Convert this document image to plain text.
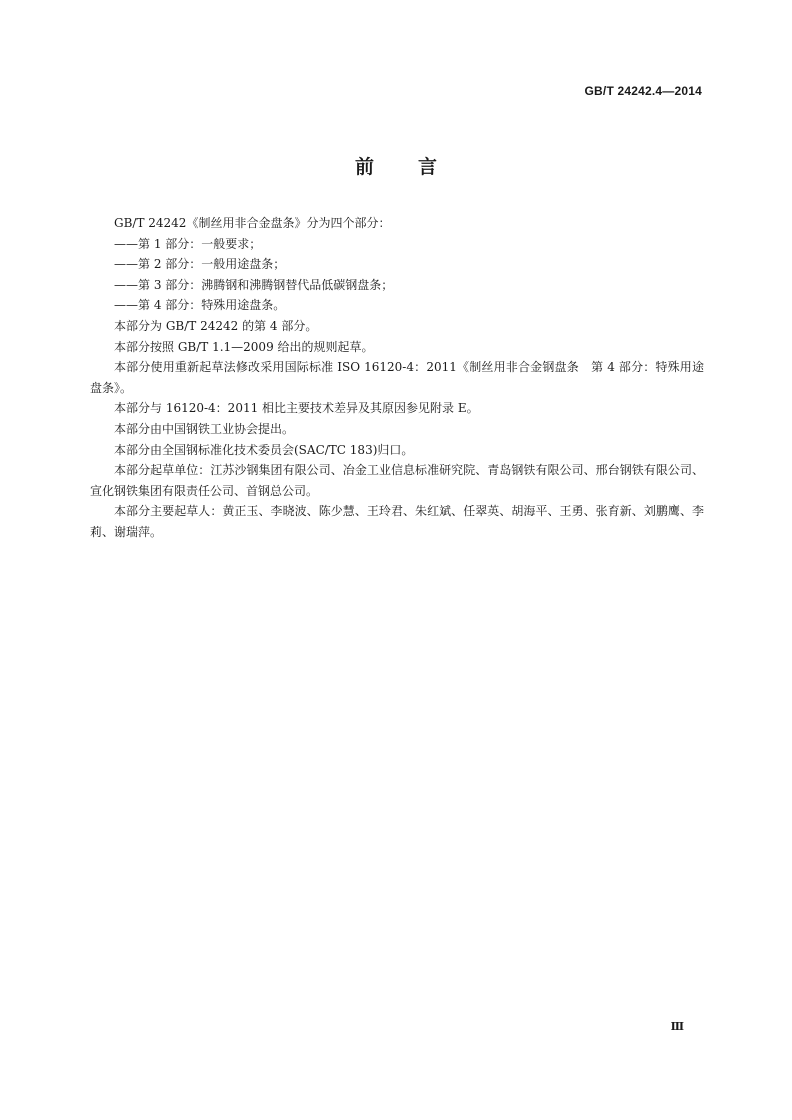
GB/T 24242.4—2014
前 言

GB/T 24242《制丝用非合金盘条》分为四个部分：

——第 1 部分：一般要求；

——第 2 部分：一般用途盘条；

——第 3 部分：沸腾钢和沸腾钢替代品低碳钢盘条；

——第 4 部分：特殊用途盘条。

本部分为 GB/T 24242 的第 4 部分。

本部分按照 GB/T 1.1—2009 给出的规则起草。

本部分使用重新起草法修改采用国际标准 ISO 16120-4：2011《制丝用非合金钢盘条　第 4 部分：特殊用途盘条》。

本部分与 16120-4：2011 相比主要技术差异及其原因参见附录 E。

本部分由中国钢铁工业协会提出。

本部分由全国钢标准化技术委员会(SAC/TC 183)归口。

本部分起草单位：江苏沙钢集团有限公司、冶金工业信息标准研究院、青岛钢铁有限公司、邢台钢铁有限公司、宣化钢铁集团有限责任公司、首钢总公司。

本部分主要起草人：黄正玉、李晓波、陈少慧、王玲君、朱红斌、任翠英、胡海平、王勇、张育新、刘鹏鹰、李莉、谢瑞萍。

Ⅲ
